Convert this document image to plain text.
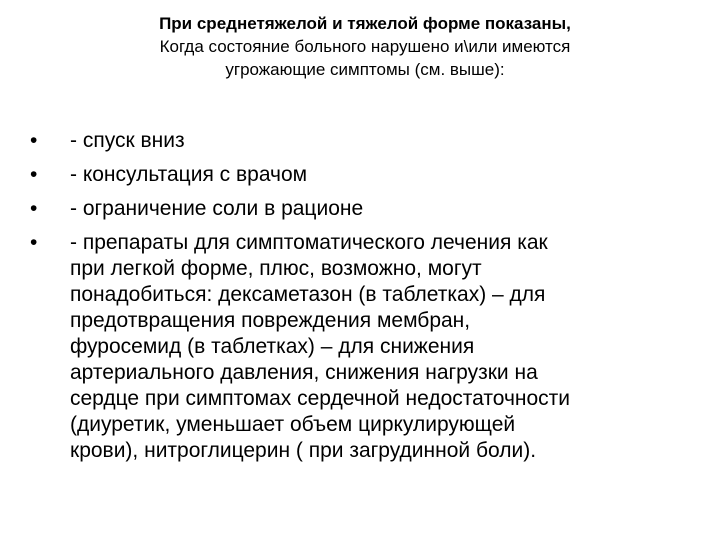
При среднетяжелой и тяжелой форме показаны,
Когда состояние больного нарушено и\или имеются
угрожающие симптомы (см. выше):
•	- спуск вниз
•	- консультация с врачом
•	- ограничение соли в рационе
•	- препараты для симптоматического лечения как
при легкой форме, плюс, возможно, могут
понадобиться: дексаметазон (в таблетках) – для
предотвращения повреждения мембран,
фуросемид (в таблетках) – для снижения
артериального давления, снижения нагрузки на
сердце при симптомах сердечной недостаточности
(диуретик, уменьшает объем циркулирующей
крови), нитроглицерин ( при загрудинной боли).
